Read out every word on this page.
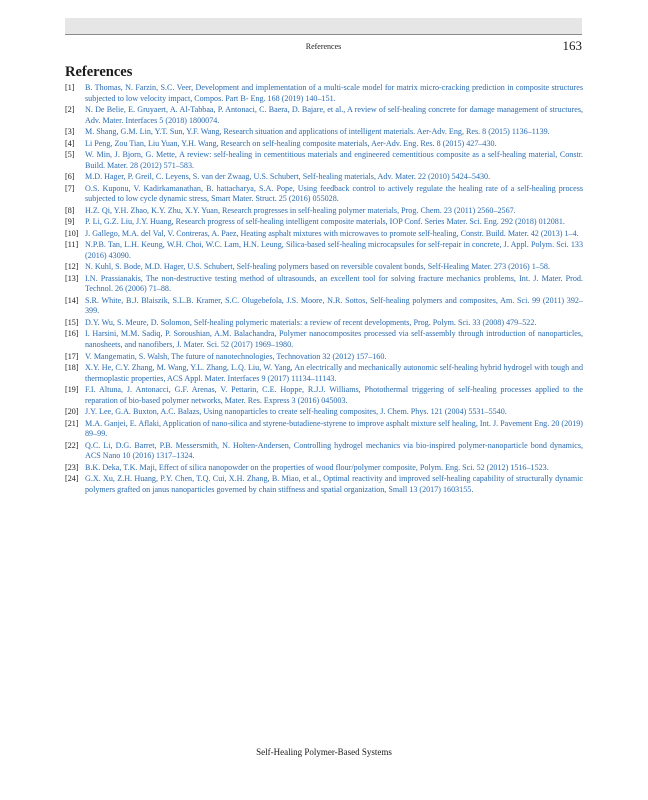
References	163
References
[1] B. Thomas, N. Farzin, S.C. Veer, Development and implementation of a multi-scale model for matrix micro-cracking prediction in composite structures subjected to low velocity impact, Compos. Part B- Eng. 168 (2019) 140–151.
[2] N. De Belie, E. Gruyaert, A. Al-Tabbaa, P. Antonaci, C. Baera, D. Bajare, et al., A review of self-healing concrete for damage management of structures, Adv. Mater. Interfaces 5 (2018) 1800074.
[3] M. Shang, G.M. Lin, Y.T. Sun, Y.F. Wang, Research situation and applications of intelligent materials. Aer-Adv. Eng, Res. 8 (2015) 1136–1139.
[4] Li Peng, Zou Tian, Liu Yuan, Y.H. Wang, Research on self-healing composite materials, Aer-Adv. Eng. Res. 8 (2015) 427–430.
[5] W. Min, J. Bjorn, G. Mette, A review: self-healing in cementitious materials and engineered cementitious composite as a self-healing material, Constr. Build. Mater. 28 (2012) 571–583.
[6] M.D. Hager, P. Greil, C. Leyens, S. van der Zwaag, U.S. Schubert, Self-healing materials, Adv. Mater. 22 (2010) 5424–5430.
[7] O.S. Kuponu, V. Kadirkamanathan, B. hattacharya, S.A. Pope, Using feedback control to actively regulate the healing rate of a self-healing process subjected to low cycle dynamic stress, Smart Mater. Struct. 25 (2016) 055028.
[8] H.Z. Qi, Y.H. Zhao, K.Y. Zhu, X.Y. Yuan, Research progresses in self-healing polymer materials, Prog. Chem. 23 (2011) 2560–2567.
[9] P. Li, G.Z. Liu, J.Y. Huang, Research progress of self-healing intelligent composite materials, IOP Conf. Series Mater. Sci. Eng. 292 (2018) 012081.
[10] J. Gallego, M.A. del Val, V. Contreras, A. Paez, Heating asphalt mixtures with microwaves to promote self-healing, Constr. Build. Mater. 42 (2013) 1–4.
[11] N.P.B. Tan, L.H. Keung, W.H. Choi, W.C. Lam, H.N. Leung, Silica-based self-healing microcapsules for self-repair in concrete, J. Appl. Polym. Sci. 133 (2016) 43090.
[12] N. Kuhl, S. Bode, M.D. Hager, U.S. Schubert, Self-healing polymers based on reversible covalent bonds, Self-Healing Mater. 273 (2016) 1–58.
[13] I.N. Prassianakis, The non-destructive testing method of ultrasounds, an excellent tool for solving fracture mechanics problems, Int. J. Mater. Prod. Technol. 26 (2006) 71–88.
[14] S.R. White, B.J. Blaiszik, S.L.B. Kramer, S.C. Olugebefola, J.S. Moore, N.R. Sottos, Self-healing polymers and composites, Am. Sci. 99 (2011) 392–399.
[15] D.Y. Wu, S. Meure, D. Solomon, Self-healing polymeric materials: a review of recent developments, Prog. Polym. Sci. 33 (2008) 479–522.
[16] I. Harsini, M.M. Sadiq, P. Soroushian, A.M. Balachandra, Polymer nanocomposites processed via self-assembly through introduction of nanoparticles, nanosheets, and nanofibers, J. Mater. Sci. 52 (2017) 1969–1980.
[17] V. Mangematin, S. Walsh, The future of nanotechnologies, Technovation 32 (2012) 157–160.
[18] X.Y. He, C.Y. Zhang, M. Wang, Y.L. Zhang, L.Q. Liu, W. Yang, An electrically and mechanically autonomic self-healing hybrid hydrogel with tough and thermoplastic properties, ACS Appl. Mater. Interfaces 9 (2017) 11134–11143.
[19] F.I. Altuna, J. Antonacci, G.F. Arenas, V. Pettarin, C.E. Hoppe, R.J.J. Williams, Photothermal triggering of self-healing processes applied to the reparation of bio-based polymer networks, Mater. Res. Express 3 (2016) 045003.
[20] J.Y. Lee, G.A. Buxton, A.C. Balazs, Using nanoparticles to create self-healing composites, J. Chem. Phys. 121 (2004) 5531–5540.
[21] M.A. Ganjei, E. Aflaki, Application of nano-silica and styrene-butadiene-styrene to improve asphalt mixture self healing, Int. J. Pavement Eng. 20 (2019) 89–99.
[22] Q.C. Li, D.G. Barret, P.B. Messersmith, N. Holten-Andersen, Controlling hydrogel mechanics via bio-inspired polymer-nanoparticle bond dynamics, ACS Nano 10 (2016) 1317–1324.
[23] B.K. Deka, T.K. Maji, Effect of silica nanopowder on the properties of wood flour/polymer composite, Polym. Eng. Sci. 52 (2012) 1516–1523.
[24] G.X. Xu, Z.H. Huang, P.Y. Chen, T.Q. Cui, X.H. Zhang, B. Miao, et al., Optimal reactivity and improved self-healing capability of structurally dynamic polymers grafted on janus nanoparticles governed by chain stiffness and spatial organization, Small 13 (2017) 1603155.
Self-Healing Polymer-Based Systems
